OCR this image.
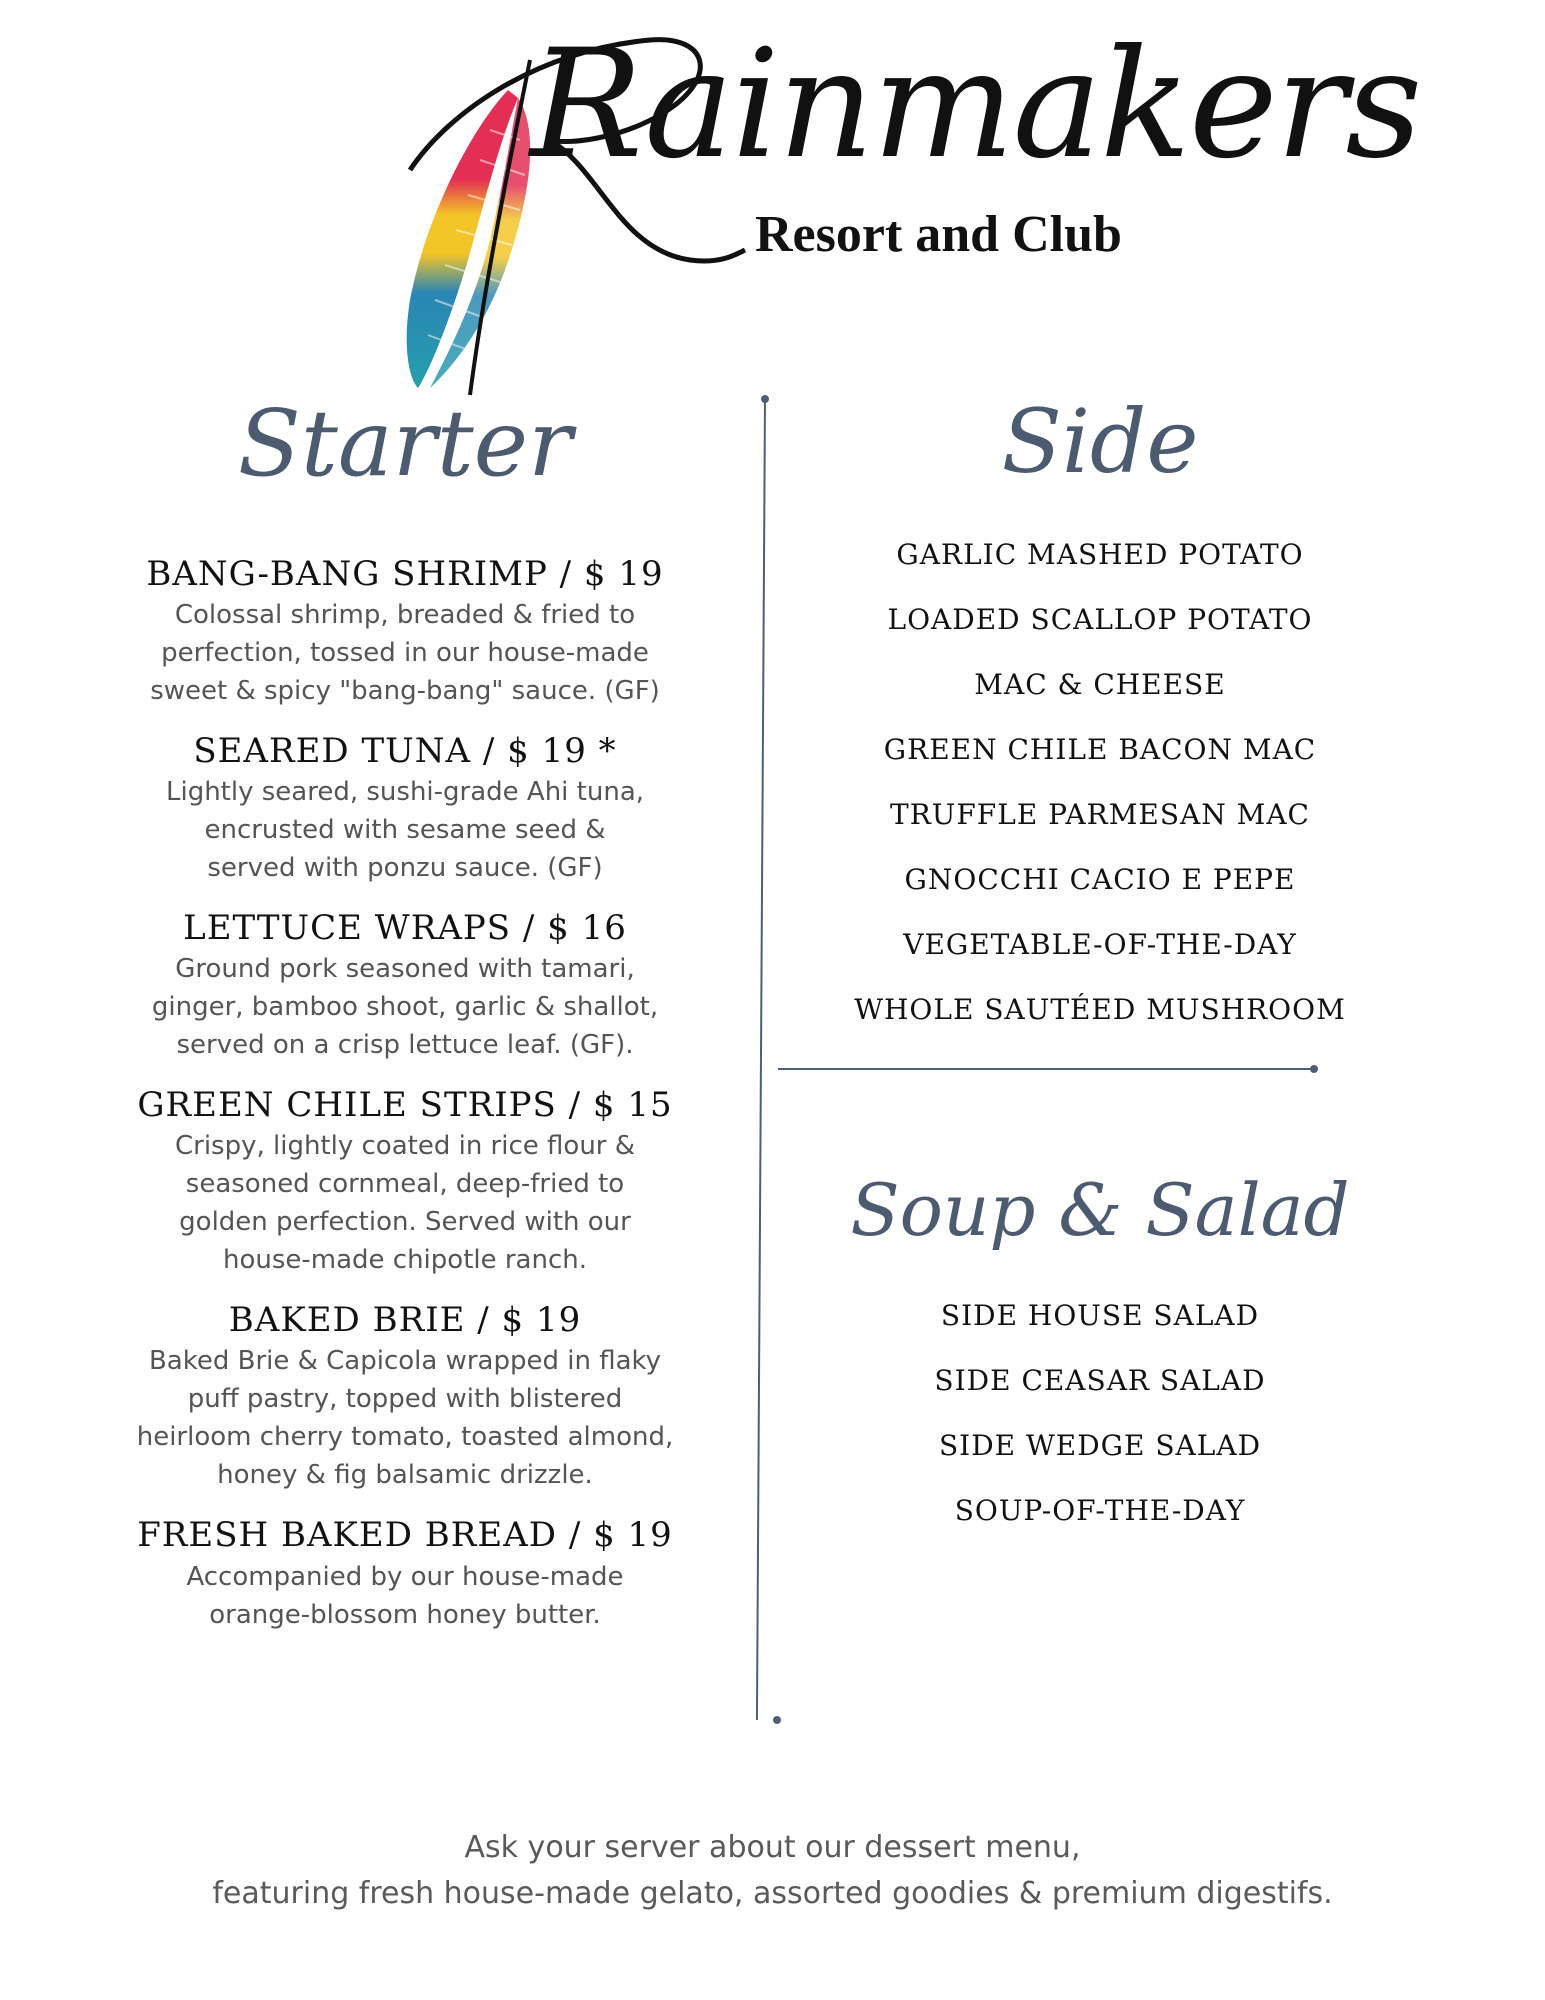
Rainmakers
Resort and Club
Starter
BANG-BANG SHRIMP / $ 19
Colossal shrimp, breaded & fried to
perfection, tossed in our house-made
sweet & spicy "bang-bang" sauce. (GF)
SEARED TUNA / $ 19 *
Lightly seared, sushi-grade Ahi tuna,
encrusted with sesame seed &
served with ponzu sauce. (GF)
LETTUCE WRAPS / $ 16
Ground pork seasoned with tamari,
ginger, bamboo shoot, garlic & shallot,
served on a crisp lettuce leaf. (GF).
GREEN CHILE STRIPS / $ 15
Crispy, lightly coated in rice flour &
seasoned cornmeal, deep-fried to
golden perfection. Served with our
house-made chipotle ranch.
BAKED BRIE / $ 19
Baked Brie & Capicola wrapped in flaky
puff pastry, topped with blistered
heirloom cherry tomato, toasted almond,
honey & fig balsamic drizzle.
FRESH BAKED BREAD / $ 19
Accompanied by our house-made
orange-blossom honey butter.
Side
GARLIC MASHED POTATO
LOADED SCALLOP POTATO
MAC & CHEESE
GREEN CHILE BACON MAC
TRUFFLE PARMESAN MAC
GNOCCHI CACIO E PEPE
VEGETABLE-OF-THE-DAY
WHOLE SAUTÉED MUSHROOM
Soup & Salad
SIDE HOUSE SALAD
SIDE CEASAR SALAD
SIDE WEDGE SALAD
SOUP-OF-THE-DAY
Ask your server about our dessert menu,
featuring fresh house-made gelato, assorted goodies & premium digestifs.
